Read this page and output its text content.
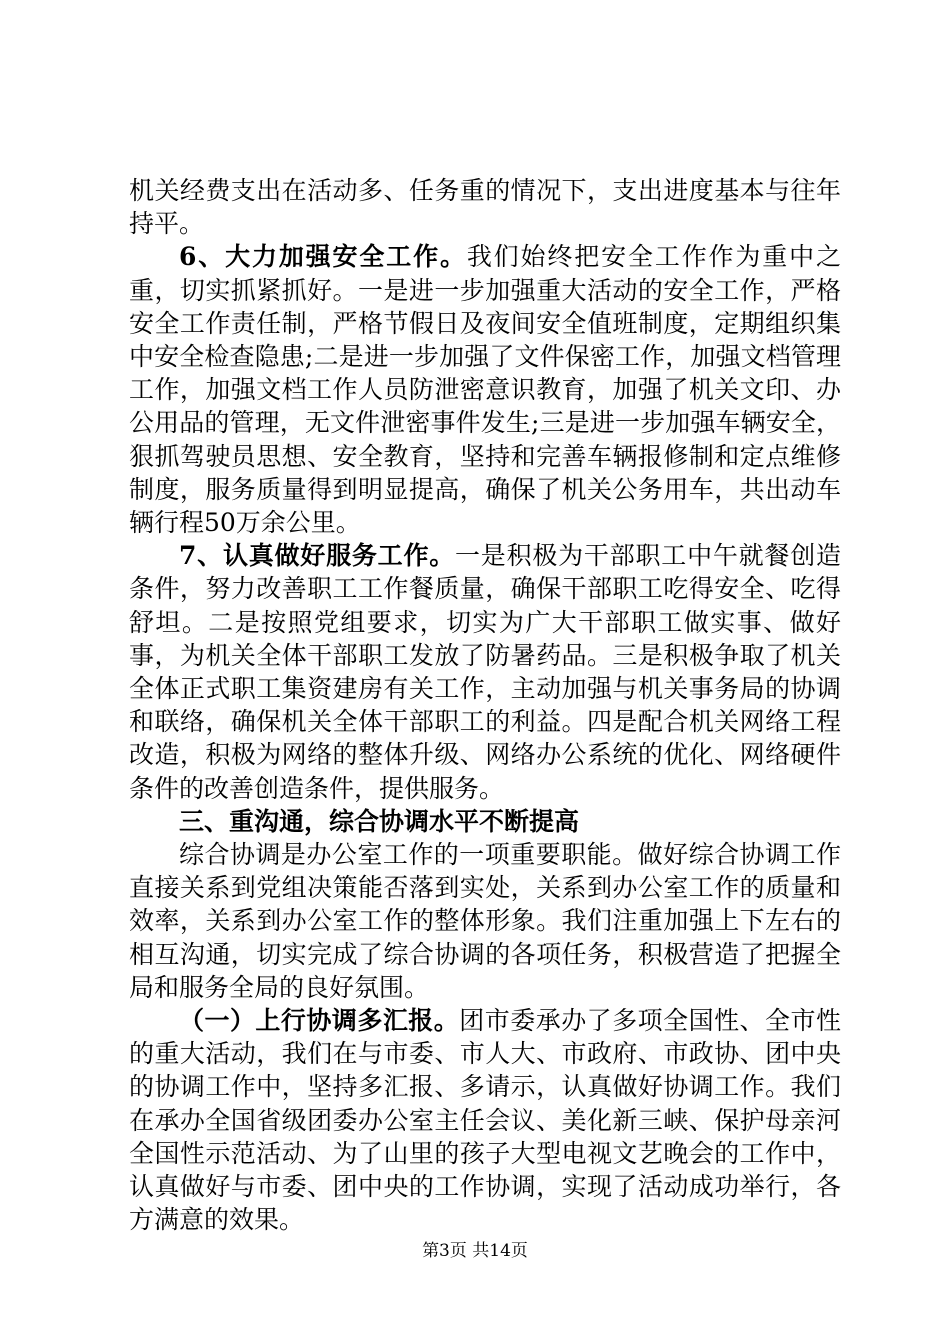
机关经费支出在活动多、任务重的情况下，支出进度基本与往年持平。

6、大力加强安全工作。我们始终把安全工作作为重中之重，切实抓紧抓好。一是进一步加强重大活动的安全工作，严格安全工作责任制，严格节假日及夜间安全值班制度，定期组织集中安全检查隐患;二是进一步加强了文件保密工作，加强文档管理工作，加强文档工作人员防泄密意识教育，加强了机关文印、办公用品的管理，无文件泄密事件发生;三是进一步加强车辆安全，狠抓驾驶员思想、安全教育，坚持和完善车辆报修制和定点维修制度，服务质量得到明显提高，确保了机关公务用车，共出动车辆行程50万余公里。

7、认真做好服务工作。一是积极为干部职工中午就餐创造条件，努力改善职工工作餐质量，确保干部职工吃得安全、吃得舒坦。二是按照党组要求，切实为广大干部职工做实事、做好事，为机关全体干部职工发放了防暑药品。三是积极争取了机关全体正式职工集资建房有关工作，主动加强与机关事务局的协调和联络，确保机关全体干部职工的利益。四是配合机关网络工程改造，积极为网络的整体升级、网络办公系统的优化、网络硬件条件的改善创造条件，提供服务。

三、重沟通，综合协调水平不断提高

综合协调是办公室工作的一项重要职能。做好综合协调工作直接关系到党组决策能否落到实处，关系到办公室工作的质量和效率，关系到办公室工作的整体形象。我们注重加强上下左右的相互沟通，切实完成了综合协调的各项任务，积极营造了把握全局和服务全局的良好氛围。

（一）上行协调多汇报。团市委承办了多项全国性、全市性的重大活动，我们在与市委、市人大、市政府、市政协、团中央的协调工作中，坚持多汇报、多请示，认真做好协调工作。我们在承办全国省级团委办公室主任会议、美化新三峡、保护母亲河全国性示范活动、为了山里的孩子大型电视文艺晚会的工作中，认真做好与市委、团中央的工作协调，实现了活动成功举行，各方满意的效果。

第3页 共14页
